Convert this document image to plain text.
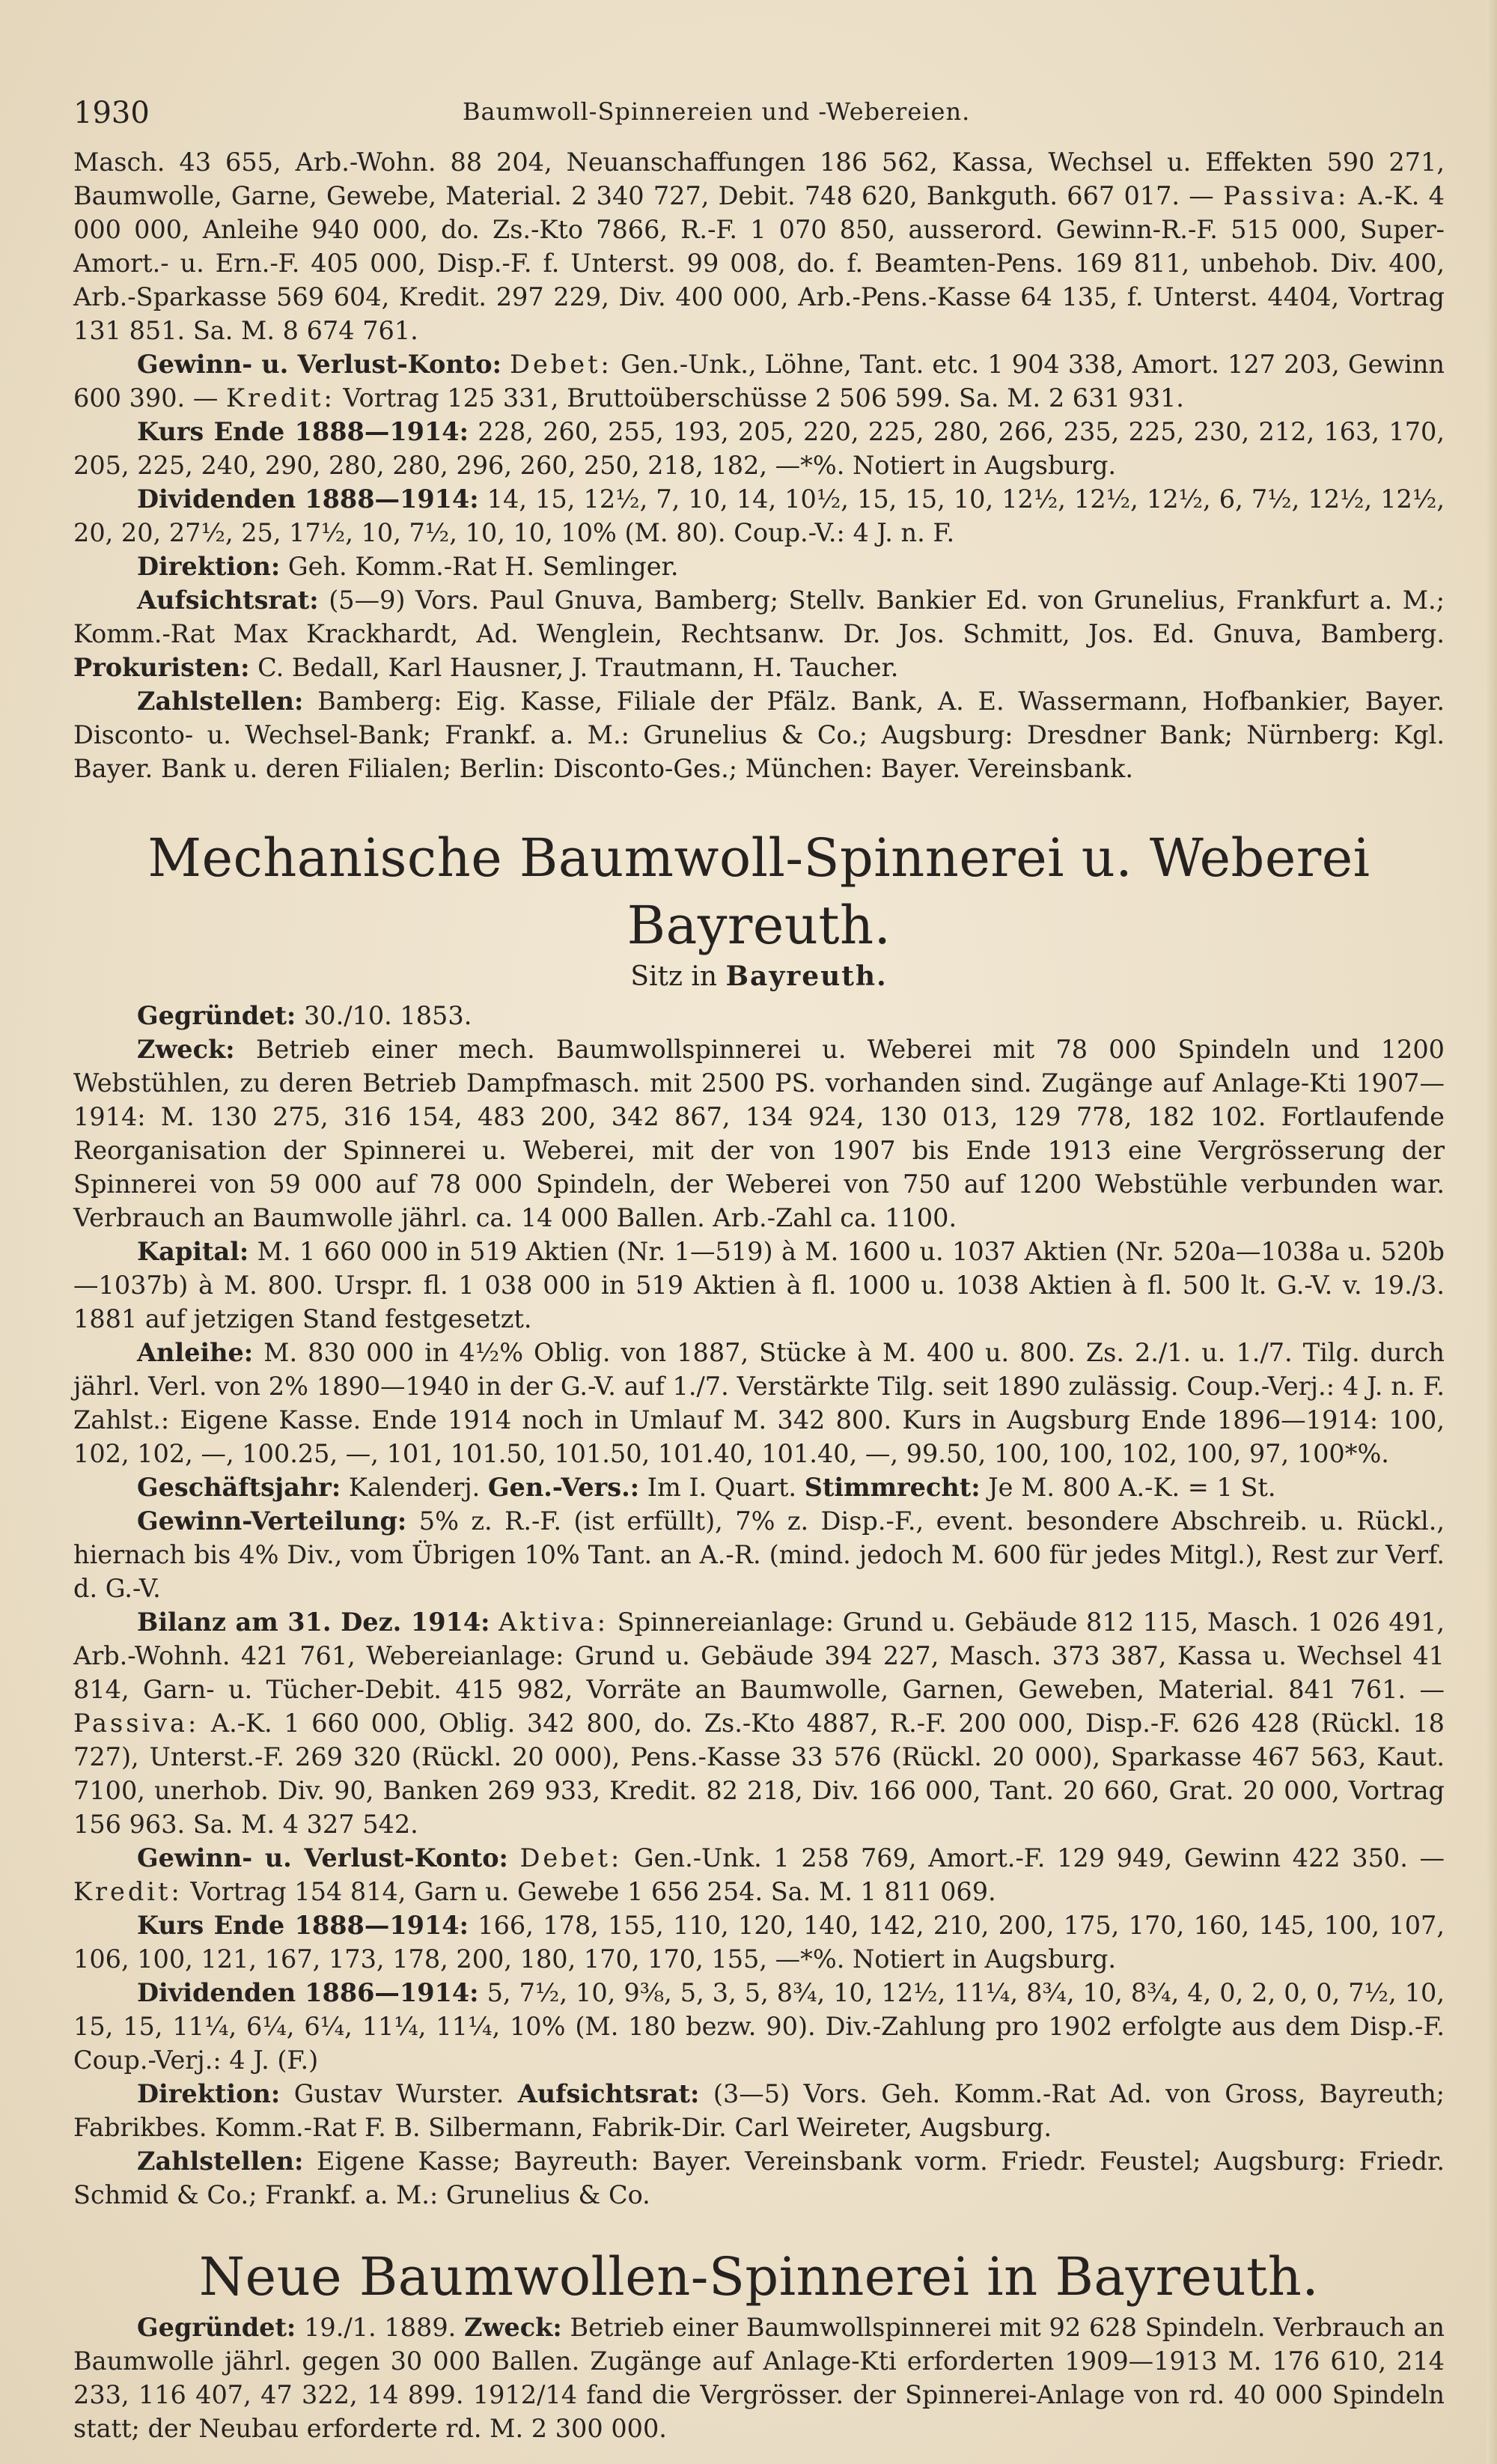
1930	Baumwoll-Spinnereien und -Webereien.

Masch. 43 655, Arb.-Wohn. 88 204, Neuanschaffungen 186 562, Kassa, Wechsel u. Effekten 590 271, Baumwolle, Garne, Gewebe, Material. 2 340 727, Debit. 748 620, Bankguth. 667 017. — Passiva: A.-K. 4 000 000, Anleihe 940 000, do. Zs.-Kto 7866, R.-F. 1 070 850, ausserord. Gewinn-R.-F. 515 000, Super-Amort.- u. Ern.-F. 405 000, Disp.-F. f. Unterst. 99 008, do. f. Beamten-Pens. 169 811, unbehob. Div. 400, Arb.-Sparkasse 569 604, Kredit. 297 229, Div. 400 000, Arb.-Pens.-Kasse 64 135, f. Unterst. 4404, Vortrag 131 851. Sa. M. 8 674 761.

Gewinn- u. Verlust-Konto: Debet: Gen.-Unk., Löhne, Tant. etc. 1 904 338, Amort. 127 203, Gewinn 600 390. — Kredit: Vortrag 125 331, Bruttoüberschüsse 2 506 599. Sa. M. 2 631 931.

Kurs Ende 1888—1914: 228, 260, 255, 193, 205, 220, 225, 280, 266, 235, 225, 230, 212, 163, 170, 205, 225, 240, 290, 280, 280, 296, 260, 250, 218, 182, —*%. Notiert in Augsburg.

Dividenden 1888—1914: 14, 15, 12½, 7, 10, 14, 10½, 15, 15, 10, 12½, 12½, 12½, 6, 7½, 12½, 12½, 20, 20, 27½, 25, 17½, 10, 7½, 10, 10, 10% (M. 80). Coup.-V.: 4 J. n. F.

Direktion: Geh. Komm.-Rat H. Semlinger.

Aufsichtsrat: (5—9) Vors. Paul Gnuva, Bamberg; Stellv. Bankier Ed. von Grunelius, Frankfurt a. M.; Komm.-Rat Max Krackhardt, Ad. Wenglein, Rechtsanw. Dr. Jos. Schmitt, Jos. Ed. Gnuva, Bamberg. Prokuristen: C. Bedall, Karl Hausner, J. Trautmann, H. Taucher.

Zahlstellen: Bamberg: Eig. Kasse, Filiale der Pfälz. Bank, A. E. Wassermann, Hofbankier, Bayer. Disconto- u. Wechsel-Bank; Frankf. a. M.: Grunelius & Co.; Augsburg: Dresdner Bank; Nürnberg: Kgl. Bayer. Bank u. deren Filialen; Berlin: Disconto-Ges.; München: Bayer. Vereinsbank.

Mechanische Baumwoll-Spinnerei u. Weberei Bayreuth.

Sitz in Bayreuth.

Gegründet: 30./10. 1853.

Zweck: Betrieb einer mech. Baumwollspinnerei u. Weberei mit 78 000 Spindeln und 1200 Webstühlen, zu deren Betrieb Dampfmasch. mit 2500 PS. vorhanden sind. Zugänge auf Anlage-Kti 1907—1914: M. 130 275, 316 154, 483 200, 342 867, 134 924, 130 013, 129 778, 182 102. Fortlaufende Reorganisation der Spinnerei u. Weberei, mit der von 1907 bis Ende 1913 eine Vergrösserung der Spinnerei von 59 000 auf 78 000 Spindeln, der Weberei von 750 auf 1200 Webstühle verbunden war. Verbrauch an Baumwolle jährl. ca. 14 000 Ballen. Arb.-Zahl ca. 1100.

Kapital: M. 1 660 000 in 519 Aktien (Nr. 1—519) à M. 1600 u. 1037 Aktien (Nr. 520a—1038a u. 520b—1037b) à M. 800. Urspr. fl. 1 038 000 in 519 Aktien à fl. 1000 u. 1038 Aktien à fl. 500 lt. G.-V. v. 19./3. 1881 auf jetzigen Stand festgesetzt.

Anleihe: M. 830 000 in 4½% Oblig. von 1887, Stücke à M. 400 u. 800. Zs. 2./1. u. 1./7. Tilg. durch jährl. Verl. von 2% 1890—1940 in der G.-V. auf 1./7. Verstärkte Tilg. seit 1890 zulässig. Coup.-Verj.: 4 J. n. F. Zahlst.: Eigene Kasse. Ende 1914 noch in Umlauf M. 342 800. Kurs in Augsburg Ende 1896—1914: 100, 102, 102, —, 100.25, —, 101, 101.50, 101.50, 101.40, 101.40, —, 99.50, 100, 100, 102, 100, 97, 100*%.

Geschäftsjahr: Kalenderj. Gen.-Vers.: Im I. Quart. Stimmrecht: Je M. 800 A.-K. = 1 St.

Gewinn-Verteilung: 5% z. R.-F. (ist erfüllt), 7% z. Disp.-F., event. besondere Abschreib. u. Rückl., hiernach bis 4% Div., vom Übrigen 10% Tant. an A.-R. (mind. jedoch M. 600 für jedes Mitgl.), Rest zur Verf. d. G.-V.

Bilanz am 31. Dez. 1914: Aktiva: Spinnereianlage: Grund u. Gebäude 812 115, Masch. 1 026 491, Arb.-Wohnh. 421 761, Webereianlage: Grund u. Gebäude 394 227, Masch. 373 387, Kassa u. Wechsel 41 814, Garn- u. Tücher-Debit. 415 982, Vorräte an Baumwolle, Garnen, Geweben, Material. 841 761. — Passiva: A.-K. 1 660 000, Oblig. 342 800, do. Zs.-Kto 4887, R.-F. 200 000, Disp.-F. 626 428 (Rückl. 18 727), Unterst.-F. 269 320 (Rückl. 20 000), Pens.-Kasse 33 576 (Rückl. 20 000), Sparkasse 467 563, Kaut. 7100, unerhob. Div. 90, Banken 269 933, Kredit. 82 218, Div. 166 000, Tant. 20 660, Grat. 20 000, Vortrag 156 963. Sa. M. 4 327 542.

Gewinn- u. Verlust-Konto: Debet: Gen.-Unk. 1 258 769, Amort.-F. 129 949, Gewinn 422 350. — Kredit: Vortrag 154 814, Garn u. Gewebe 1 656 254. Sa. M. 1 811 069.

Kurs Ende 1888—1914: 166, 178, 155, 110, 120, 140, 142, 210, 200, 175, 170, 160, 145, 100, 107, 106, 100, 121, 167, 173, 178, 200, 180, 170, 170, 155, —*%. Notiert in Augsburg.

Dividenden 1886—1914: 5, 7½, 10, 9⅜, 5, 3, 5, 8¾, 10, 12½, 11¼, 8¾, 10, 8¾, 4, 0, 2, 0, 0, 7½, 10, 15, 15, 11¼, 6¼, 6¼, 11¼, 11¼, 10% (M. 180 bezw. 90). Div.-Zahlung pro 1902 erfolgte aus dem Disp.-F. Coup.-Verj.: 4 J. (F.)

Direktion: Gustav Wurster. Aufsichtsrat: (3—5) Vors. Geh. Komm.-Rat Ad. von Gross, Bayreuth; Fabrikbes. Komm.-Rat F. B. Silbermann, Fabrik-Dir. Carl Weireter, Augsburg.

Zahlstellen: Eigene Kasse; Bayreuth: Bayer. Vereinsbank vorm. Friedr. Feustel; Augsburg: Friedr. Schmid & Co.; Frankf. a. M.: Grunelius & Co.

Neue Baumwollen-Spinnerei in Bayreuth.

Gegründet: 19./1. 1889. Zweck: Betrieb einer Baumwollspinnerei mit 92 628 Spindeln. Verbrauch an Baumwolle jährl. gegen 30 000 Ballen. Zugänge auf Anlage-Kti erforderten 1909—1913 M. 176 610, 214 233, 116 407, 47 322, 14 899. 1912/14 fand die Vergrösser. der Spinnerei-Anlage von rd. 40 000 Spindeln statt; der Neubau erforderte rd. M. 2 300 000.
